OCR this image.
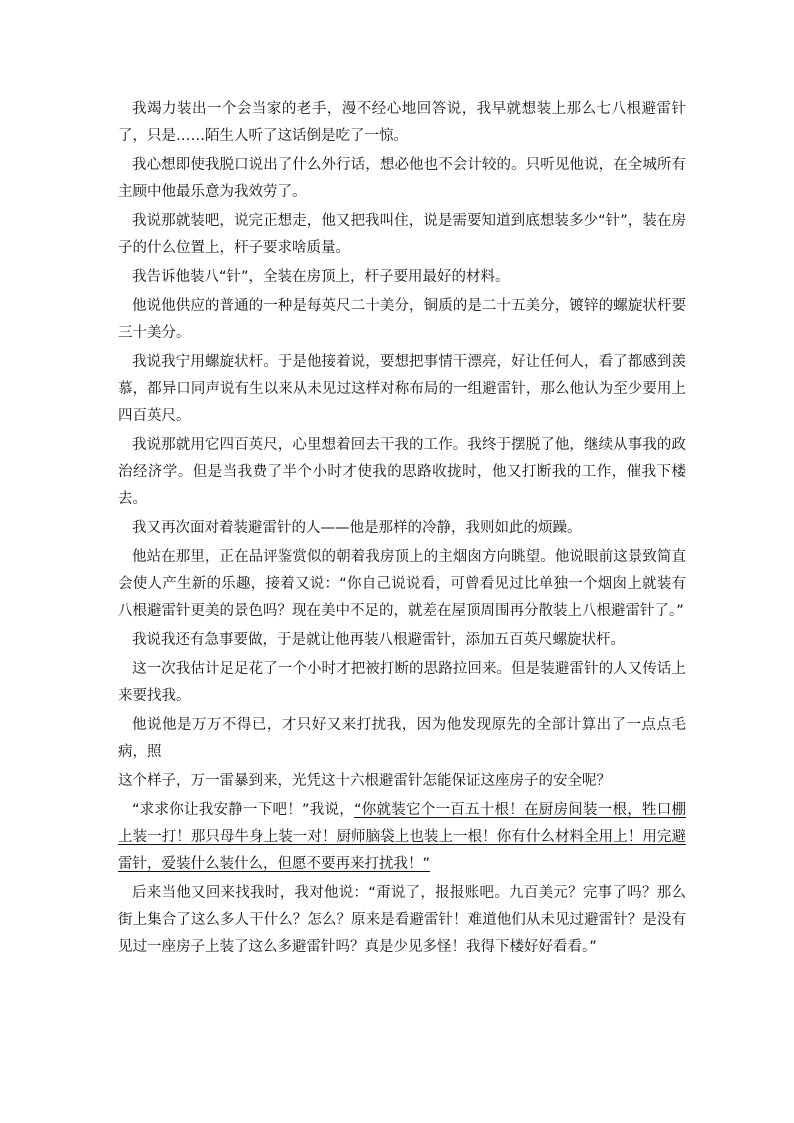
我竭力装出一个会当家的老手，漫不经心地回答说，我早就想装上那么七八根避雷针了，只是……陌生人听了这话倒是吃了一惊。

我心想即使我脱口说出了什么外行话，想必他也不会计较的。只听见他说，在全城所有主顾中他最乐意为我效劳了。

我说那就装吧，说完正想走，他又把我叫住，说是需要知道到底想装多少“针”，装在房子的什么位置上，杆子要求啥质量。

我告诉他装八“针”，全装在房顶上，杆子要用最好的材料。

他说他供应的普通的一种是每英尺二十美分，铜质的是二十五美分，镀锌的螺旋状杆要三十美分。

我说我宁用螺旋状杆。于是他接着说，要想把事情干漂亮，好让任何人，看了都感到羡慕，都异口同声说有生以来从未见过这样对称布局的一组避雷针，那么他认为至少要用上四百英尺。

我说那就用它四百英尺，心里想着回去干我的工作。我终于摆脱了他，继续从事我的政治经济学。但是当我费了半个小时才使我的思路收拢时，他又打断我的工作，催我下楼去。

我又再次面对着装避雷针的人——他是那样的冷静，我则如此的烦躁。

他站在那里，正在品评鉴赏似的朝着我房顶上的主烟囱方向眺望。他说眼前这景致简直会使人产生新的乐趣，接着又说：“你自己说说看，可曾看见过比单独一个烟囱上就装有八根避雷针更美的景色吗？现在美中不足的，就差在屋顶周围再分散装上八根避雷针了。”

我说我还有急事要做，于是就让他再装八根避雷针，添加五百英尺螺旋状杆。

这一次我估计足足花了一个小时才把被打断的思路拉回来。但是装避雷针的人又传话上来要找我。

他说他是万万不得已，才只好又来打扰我，因为他发现原先的全部计算出了一点点毛病，照

这个样子，万一雷暴到来，光凭这十六根避雷针怎能保证这座房子的安全呢？

“求求你让我安静一下吧！”我说，“你就装它个一百五十根！在厨房间装一根，牲口棚上装一打！那只母牛身上装一对！厨师脑袋上也装上一根！你有什么材料全用上！用完避雷针，爱装什么装什么，但愿不要再来打扰我！”

后来当他又回来找我时，我对他说：“甭说了，报报账吧。九百美元？完事了吗？那么街上集合了这么多人干什么？怎么？原来是看避雷针！难道他们从未见过避雷针？是没有见过一座房子上装了这么多避雷针吗？真是少见多怪！我得下楼好好看看。”
